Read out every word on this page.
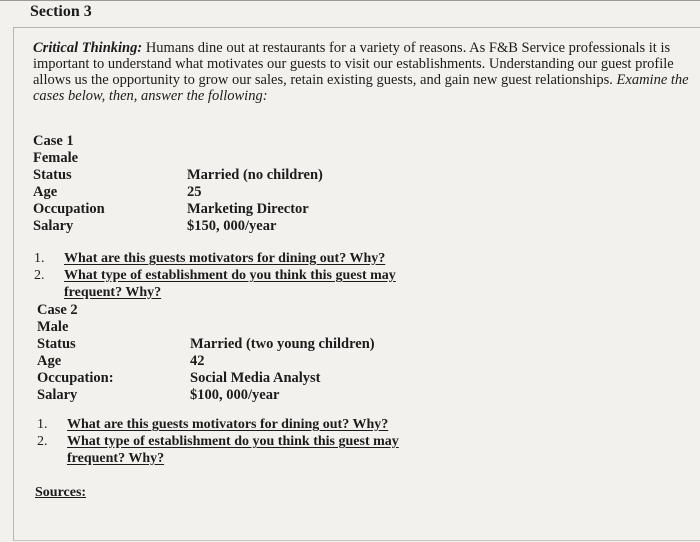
Section 3

Critical Thinking: Humans dine out at restaurants for a variety of reasons. As F&B Service professionals it is important to understand what motivates our guests to visit our establishments. Understanding our guest profile allows us the opportunity to grow our sales, retain existing guests, and gain new guest relationships. Examine the cases below, then, answer the following:

Case 1
Female
Status	Married (no children)
Age	25
Occupation	Marketing Director
Salary	$150, 000/year
1. What are this guests motivators for dining out? Why?
2. What type of establishment do you think this guest may frequent? Why?
Case 2
Male
Status	Married (two young children)
Age	42
Occupation:	Social Media Analyst
Salary	$100, 000/year
1. What are this guests motivators for dining out? Why?
2. What type of establishment do you think this guest may frequent? Why?
Sources:
